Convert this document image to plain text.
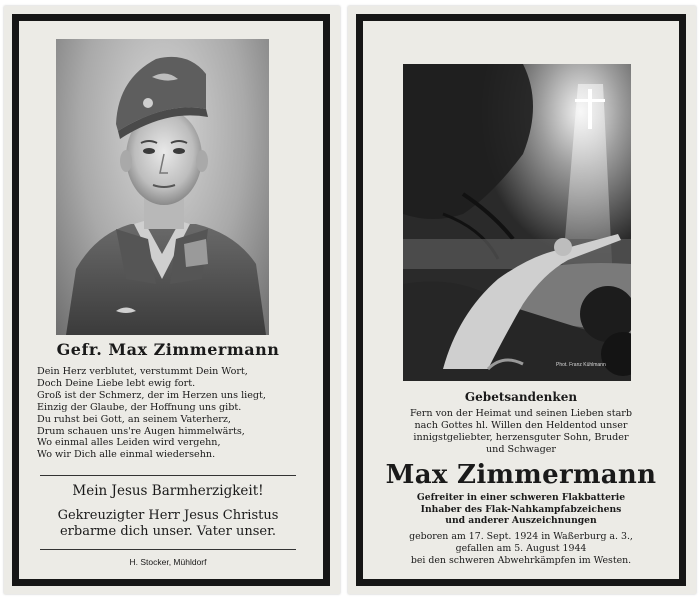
Gefr. Max Zimmermann
Dein Herz verblutet, verstummt Dein Wort,
Doch Deine Liebe lebt ewig fort.
Groß ist der Schmerz, der im Herzen uns liegt,
Einzig der Glaube, der Hoffnung uns gibt.
Du ruhst bei Gott, an seinem Vaterherz,
Drum schauen uns're Augen himmelwärts,
Wo einmal alles Leiden wird vergehn,
Wo wir Dich alle einmal wiedersehn.
Mein Jesus Barmherzigkeit!
Gekreuzigter Herr Jesus Christus
erbarme dich unser. Vater unser.
H. Stocker, Mühldorf
Phot. Franz Kühlmann
Gebetsandenken
Fern von der Heimat und seinen Lieben starb
nach Gottes hl. Willen den Heldentod unser
innigstgeliebter, herzensguter Sohn, Bruder
und Schwager
Max Zimmermann
Gefreiter in einer schweren Flakbatterie
Inhaber des Flak-Nahkampfabzeichens
und anderer Auszeichnungen
geboren am 17. Sept. 1924 in Waßerburg a. 3.,
gefallen am 5. August 1944
bei den schweren Abwehrkämpfen im Westen.
